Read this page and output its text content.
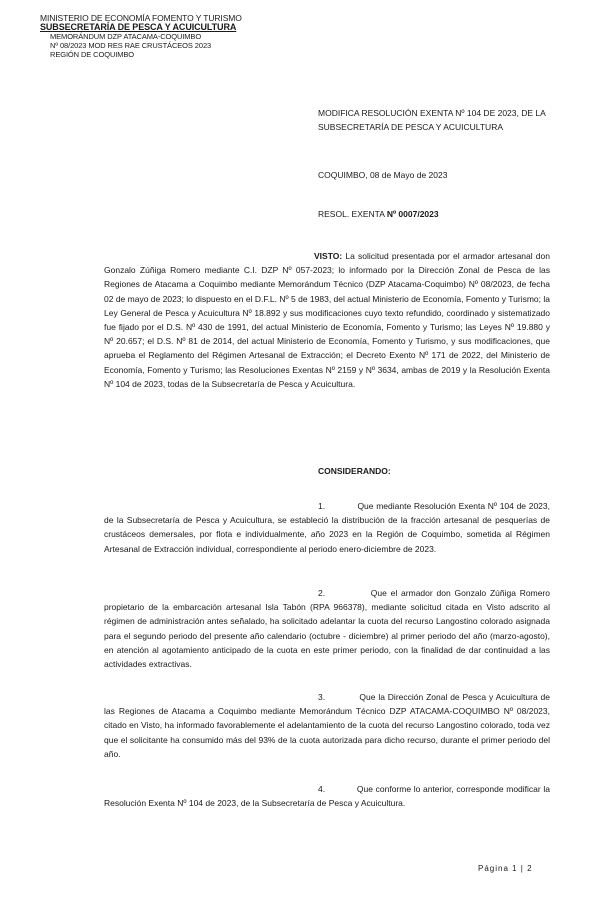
MINISTERIO DE ECONOMÍA FOMENTO Y TURISMO
SUBSECRETARÍA DE PESCA Y ACUICULTURA
MEMORÁNDUM DZP ATACAMA-COQUIMBO
Nº 08/2023 MOD RES RAE CRUSTÁCEOS 2023
REGIÓN DE COQUIMBO
MODIFICA RESOLUCIÓN EXENTA Nº 104 DE 2023, DE LA SUBSECRETARÍA DE PESCA Y ACUICULTURA
COQUIMBO, 08 de Mayo de 2023
RESOL. EXENTA Nº 0007/2023
VISTO: La solicitud presentada por el armador artesanal don Gonzalo Zúñiga Romero mediante C.I. DZP Nº 057-2023; lo informado por la Dirección Zonal de Pesca de las Regiones de Atacama a Coquimbo mediante Memorándum Técnico (DZP Atacama-Coquimbo) Nº 08/2023, de fecha 02 de mayo de 2023; lo dispuesto en el D.F.L. Nº 5 de 1983, del actual Ministerio de Economía, Fomento y Turismo; la Ley General de Pesca y Acuicultura Nº 18.892 y sus modificaciones cuyo texto refundido, coordinado y sistematizado fue fijado por el D.S. Nº 430 de 1991, del actual Ministerio de Economía, Fomento y Turismo; las Leyes Nº 19.880 y Nº 20.657; el D.S. Nº 81 de 2014, del actual Ministerio de Economía, Fomento y Turismo, y sus modificaciones, que aprueba el Reglamento del Régimen Artesanal de Extracción; el Decreto Exento Nº 171 de 2022, del Ministerio de Economía, Fomento y Turismo; las Resoluciones Exentas Nº 2159 y Nº 3634, ambas de 2019 y la Resolución Exenta Nº 104 de 2023, todas de la Subsecretaría de Pesca y Acuicultura.
CONSIDERANDO:
1.	Que mediante Resolución Exenta Nº 104 de 2023, de la Subsecretaría de Pesca y Acuicultura, se estableció la distribución de la fracción artesanal de pesquerías de crustáceos demersales, por flota e individualmente, año 2023 en la Región de Coquimbo, sometida al Régimen Artesanal de Extracción individual, correspondiente al periodo enero-diciembre de 2023.
2.	Que el armador don Gonzalo Zúñiga Romero propietario de la embarcación artesanal Isla Tabón (RPA 966378), mediante solicitud citada en Visto adscrito al régimen de administración antes señalado, ha solicitado adelantar la cuota del recurso Langostino colorado asignada para el segundo periodo del presente año calendario (octubre - diciembre) al primer periodo del año (marzo-agosto), en atención al agotamiento anticipado de la cuota en este primer periodo, con la finalidad de dar continuidad a las actividades extractivas.
3.	Que la Dirección Zonal de Pesca y Acuicultura de las Regiones de Atacama a Coquimbo mediante Memorándum Técnico DZP ATACAMA-COQUIMBO Nº 08/2023, citado en Visto, ha informado favorablemente el adelantamiento de la cuota del recurso Langostino colorado, toda vez que el solicitante ha consumido más del 93% de la cuota autorizada para dicho recurso, durante el primer periodo del año.
4.	Que conforme lo anterior, corresponde modificar la Resolución Exenta Nº 104 de 2023, de la Subsecretaría de Pesca y Acuicultura.
Página 1 | 2
